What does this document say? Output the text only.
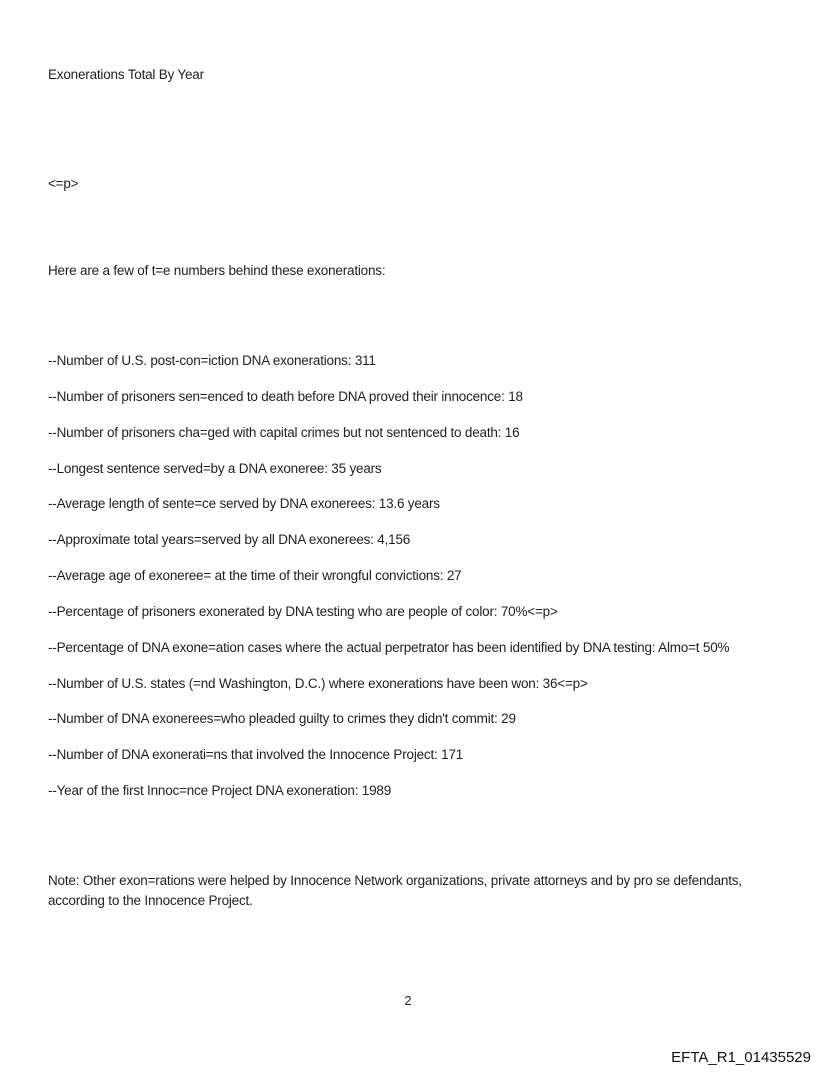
Exonerations Total By Year
<=p>
Here are a few of t=e numbers behind these exonerations:
--Number of U.S. post-con=iction DNA exonerations: 311
--Number of prisoners sen=enced to death before DNA proved their innocence: 18
--Number of prisoners cha=ged with capital crimes but not sentenced to death: 16
--Longest sentence served=by a DNA exoneree: 35 years
--Average length of sente=ce served by DNA exonerees: 13.6 years
--Approximate total years=served by all DNA exonerees: 4,156
--Average age of exoneree= at the time of their wrongful convictions: 27
--Percentage of prisoners exonerated by DNA testing who are people of color: 70%<=p>
--Percentage of DNA exone=ation cases where the actual perpetrator has been identified by DNA testing: Almo=t 50%
--Number of U.S. states (=nd Washington, D.C.) where exonerations have been won: 36<=p>
--Number of DNA exonerees=who pleaded guilty to crimes they didn't commit: 29
--Number of DNA exonerati=ns that involved the Innocence Project: 171
--Year of the first Innoc=nce Project DNA exoneration: 1989
Note: Other exon=rations were helped by Innocence Network organizations, private attorneys and by pro se defendants,
according to the Innocence Project.
2
EFTA_R1_01435529
